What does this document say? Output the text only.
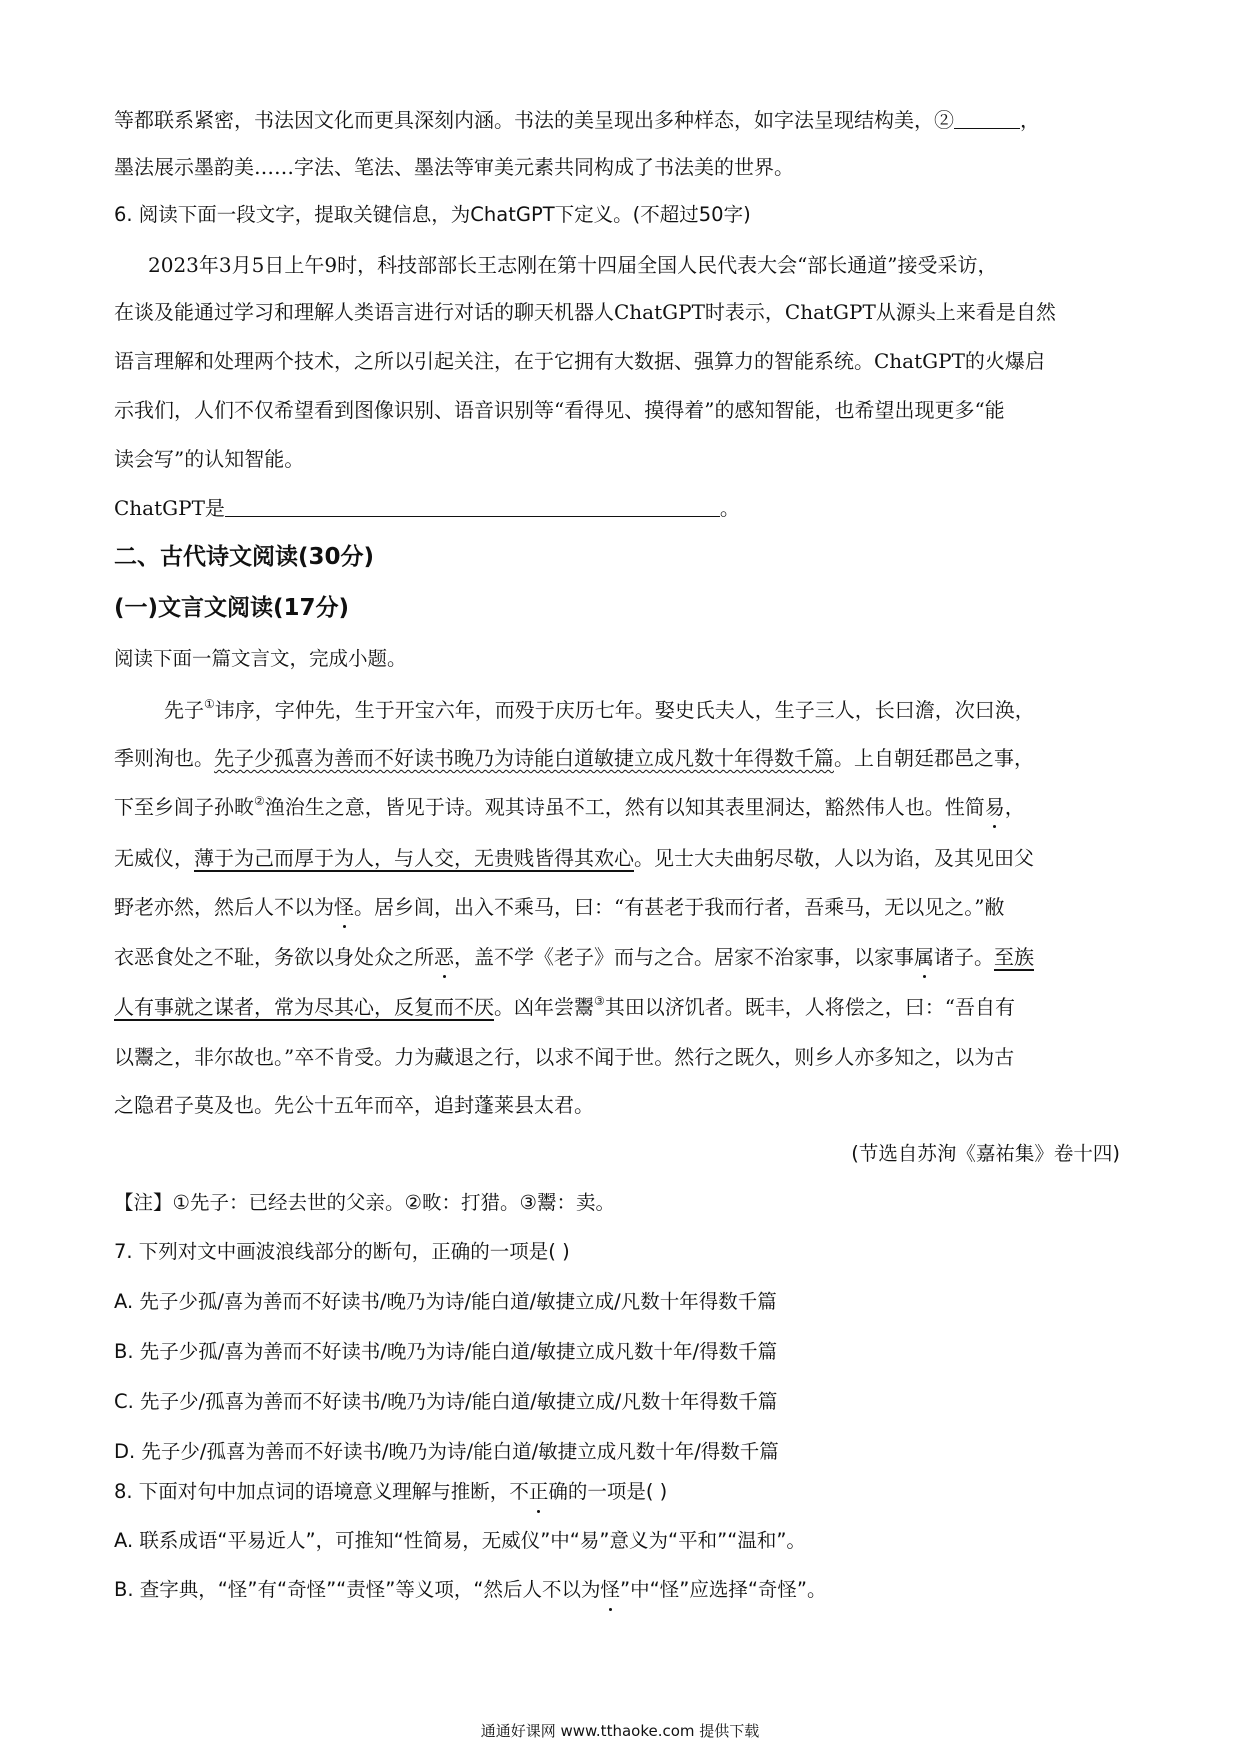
等都联系紧密，书法因文化而更具深刻内涵。书法的美呈现出多种样态，如字法呈现结构美，②	，
墨法展示墨韵美……字法、笔法、墨法等审美元素共同构成了书法美的世界。
6. 阅读下面一段文字，提取关键信息，为ChatGPT下定义。(不超过50字)
2023年3月5日上午9时，科技部部长王志刚在第十四届全国人民代表大会“部长通道”接受采访，
在谈及能通过学习和理解人类语言进行对话的聊天机器人ChatGPT时表示，ChatGPT从源头上来看是自然
语言理解和处理两个技术，之所以引起关注，在于它拥有大数据、强算力的智能系统。ChatGPT的火爆启
示我们，人们不仅希望看到图像识别、语音识别等“看得见、摸得着”的感知智能，也希望出现更多“能
读会写”的认知智能。
ChatGPT是	。
二、古代诗文阅读(30分)
(一)文言文阅读(17分)
阅读下面一篇文言文，完成小题。
先子①讳序，字仲先，生于开宝六年，而殁于庆历七年。娶史氏夫人，生子三人，长曰澹，次曰涣，
季则洵也。先子少孤喜为善而不好读书晚乃为诗能白道敏捷立成凡数十年得数千篇。上自朝廷郡邑之事，
下至乡闾子孙畋②渔治生之意，皆见于诗。观其诗虽不工，然有以知其表里洞达，豁然伟人也。性简易，
无威仪，薄于为己而厚于为人，与人交，无贵贱皆得其欢心。见士大夫曲躬尽敬，人以为谄，及其见田父
野老亦然，然后人不以为怪。居乡闾，出入不乘马，曰：“有甚老于我而行者，吾乘马，无以见之。”敝
衣恶食处之不耻，务欲以身处众之所恶，盖不学《老子》而与之合。居家不治家事，以家事属诸子。至族
人有事就之谋者，常为尽其心，反复而不厌。凶年尝鬻③其田以济饥者。既丰，人将偿之，曰：“吾自有
以鬻之，非尔故也。”卒不肯受。力为藏退之行，以求不闻于世。然行之既久，则乡人亦多知之，以为古
之隐君子莫及也。先公十五年而卒，追封蓬莱县太君。
(节选自苏洵《嘉祐集》卷十四)
【注】①先子：已经去世的父亲。②畋：打猎。③鬻：卖。
7. 下列对文中画波浪线部分的断句，正确的一项是( )
A. 先子少孤/喜为善而不好读书/晚乃为诗/能白道/敏捷立成/凡数十年得数千篇
B. 先子少孤/喜为善而不好读书/晚乃为诗/能白道/敏捷立成凡数十年/得数千篇
C. 先子少/孤喜为善而不好读书/晚乃为诗/能白道/敏捷立成/凡数十年得数千篇
D. 先子少/孤喜为善而不好读书/晚乃为诗/能白道/敏捷立成凡数十年/得数千篇
8. 下面对句中加点词的语境意义理解与推断，不正确的一项是( )
A. 联系成语“平易近人”，可推知“性简易，无威仪”中“易”意义为“平和”“温和”。
B. 查字典，“怪”有“奇怪”“责怪”等义项，“然后人不以为怪”中“怪”应选择“奇怪”。
通通好课网 www.tthaoke.com 提供下载
